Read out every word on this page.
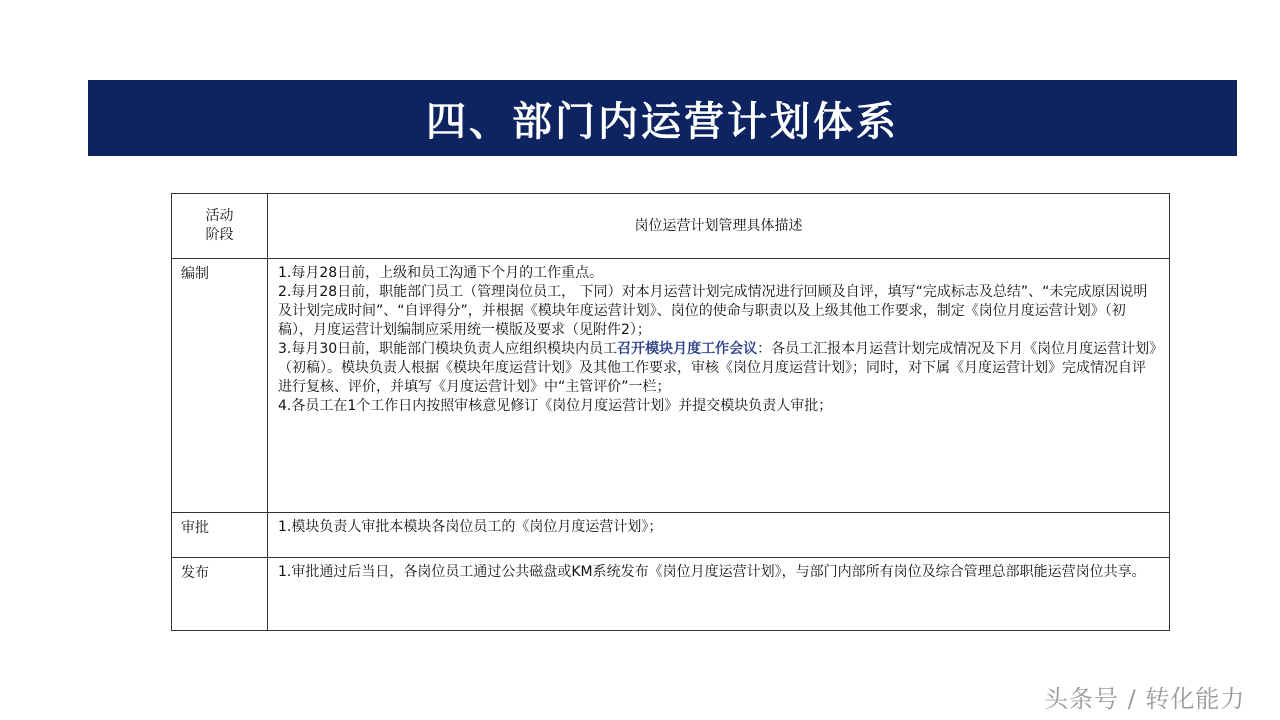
四、部门内运营计划体系
活动
阶段	岗位运营计划管理具体描述
编制	1.每月28日前，上级和员工沟通下个月的工作重点。
2.每月28日前，职能部门员工（管理岗位员工， 下同）对本月运营计划完成情况进行回顾及自评，填写“完成标志及总结”、“未完成原因说明及计划完成时间”、“自评得分”，并根据《模块年度运营计划》、岗位的使命与职责以及上级其他工作要求，制定《岗位月度运营计划》（初稿），月度运营计划编制应采用统一模版及要求（见附件2）；
3.每月30日前，职能部门模块负责人应组织模块内员工召开模块月度工作会议：各员工汇报本月运营计划完成情况及下月《岗位月度运营计划》（初稿）。模块负责人根据《模块年度运营计划》及其他工作要求，审核《岗位月度运营计划》；同时，对下属《月度运营计划》完成情况自评进行复核、评价，并填写《月度运营计划》中“主管评价”一栏；
4.各员工在1个工作日内按照审核意见修订《岗位月度运营计划》并提交模块负责人审批；

审批	1.模块负责人审批本模块各岗位员工的《岗位月度运营计划》；

发布	1.审批通过后当日，各岗位员工通过公共磁盘或KM系统发布《岗位月度运营计划》，与部门内部所有岗位及综合管理总部职能运营岗位共享。
头条号 / 转化能力
